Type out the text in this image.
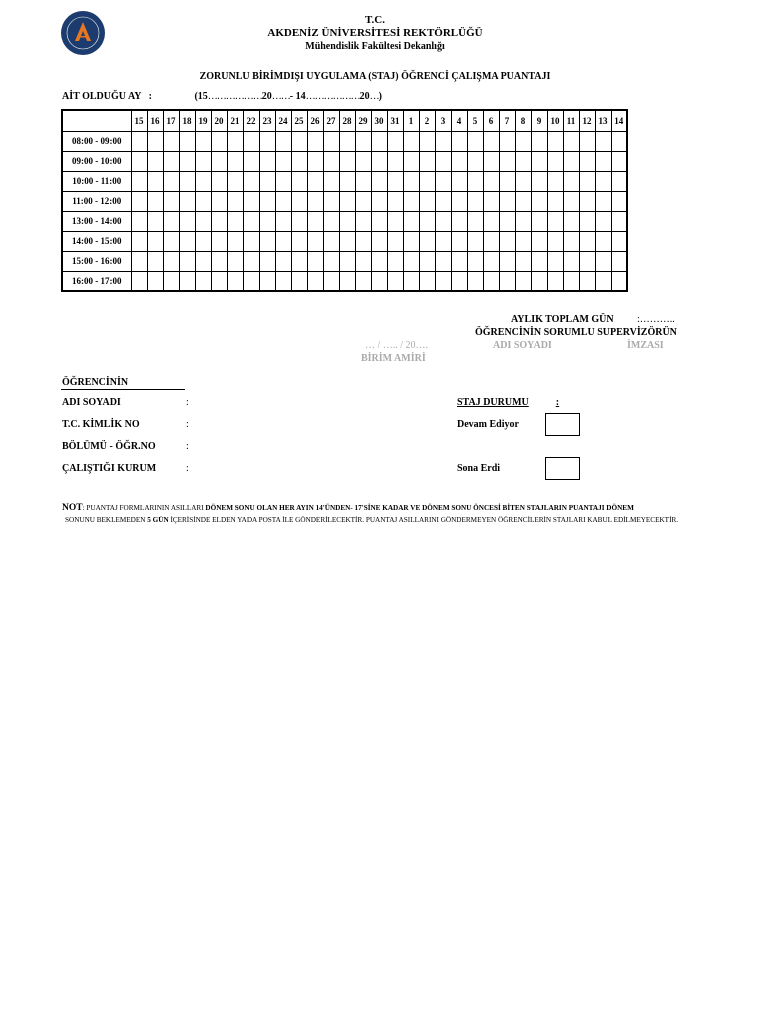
T.C.
AKDENİZ ÜNİVERSİTESİ REKTÖRLÜĞÜ
Mühendislik Fakültesi Dekanlığı
ZORUNLU BİRİMDIŞI UYGULAMA (STAJ) ÖĞRENCİ ÇALIŞMA PUANTAJI
AİT OLDUĞU AY :	(15………………20……- 14………………20…)
	15	16	17	18	19	20	21	22	23	24	25	26	27	28	29	30	31	1	2	3	4	5	6	7	8	9	10	11	12	13	14
08:00 - 09:00																															
09:00 - 10:00																															
10:00 - 11:00																															
11:00 - 12:00																															
13:00 - 14:00																															
14:00 - 15:00																															
15:00 - 16:00																															
16:00 - 17:00																															
AYLIK TOPLAM GÜN :………..
ÖĞRENCİNİN SORUMLU SUPERVİZÖRÜN
ADI SOYADI	İMZASI
… / ….. / 20….
BİRİM AMİRİ
ÖĞRENCİNİN
ADI SOYADI	:
T.C. KİMLİK NO	:
BÖLÜMÜ - ÖĞR.NO	:
ÇALIŞTIĞI KURUM	:
STAJ DURUMU	:
Devam Ediyor
Sona Erdi
NOT: PUANTAJ FORMLARININ ASILLARI DÖNEM SONU OLAN HER AYIN 14'ÜNDEN- 17'SİNE KADAR VE DÖNEM SONU ÖNCESİ BİTEN STAJLARIN PUANTAJI DÖNEM
SONUNU BEKLEMEDEN 5 GÜN İÇERİSİNDE ELDEN YADA POSTA İLE GÖNDERİLECEKTİR. PUANTAJ ASILLARINI GÖNDERMEYEN ÖĞRENCİLERİN STAJLARI KABUL EDİLMEYECEKTİR.
